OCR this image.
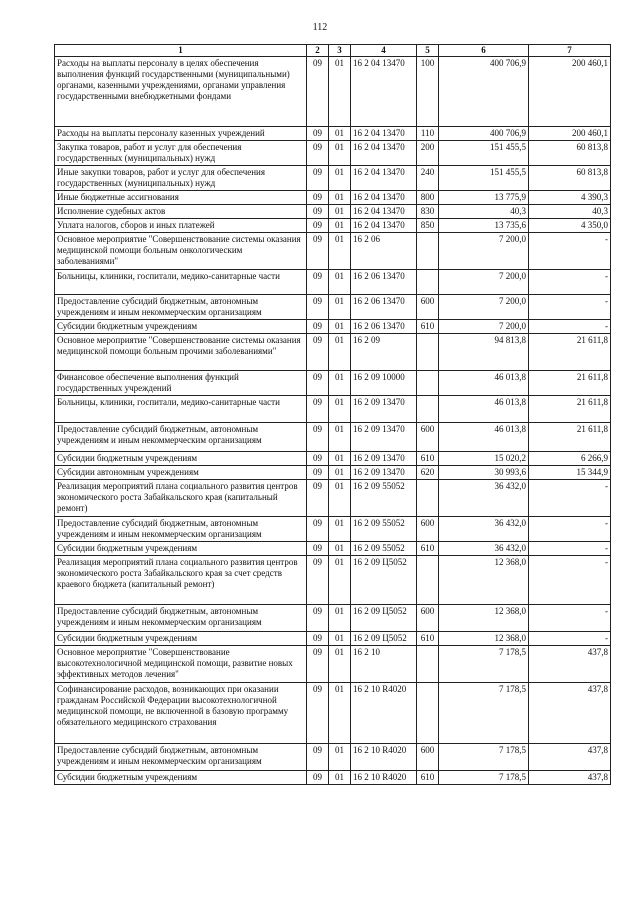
112
1	2	3	4	5	6	7
Расходы на выплаты персоналу в целях обеспечения выполнения функций государственными (муниципальными) органами, казенными учреждениями, органами управления государственными внебюджетными фондами	09	01	16 2 04 13470	100	400 706,9	200 460,1
Расходы на выплаты персоналу казенных учреждений	09	01	16 2 04 13470	110	400 706,9	200 460,1
Закупка товаров, работ и услуг для обеспечения государственных (муниципальных) нужд	09	01	16 2 04 13470	200	151 455,5	60 813,8
Иные закупки товаров, работ и услуг для обеспечения государственных (муниципальных) нужд	09	01	16 2 04 13470	240	151 455,5	60 813,8
Иные бюджетные ассигнования	09	01	16 2 04 13470	800	13 775,9	4 390,3
Исполнение судебных актов	09	01	16 2 04 13470	830	40,3	40,3
Уплата налогов, сборов и иных платежей	09	01	16 2 04 13470	850	13 735,6	4 350,0
Основное мероприятие "Совершенствование системы оказания медицинской помощи больным онкологическим заболеваниями"	09	01	16 2 06		7 200,0	-
Больницы, клиники, госпитали, медико-санитарные части	09	01	16 2 06 13470		7 200,0	-
Предоставление субсидий бюджетным, автономным учреждениям и иным некоммерческим организациям	09	01	16 2 06 13470	600	7 200,0	-
Субсидии бюджетным учреждениям	09	01	16 2 06 13470	610	7 200,0	-
Основное мероприятие "Совершенствование системы оказания медицинской помощи больным прочими заболеваниями"	09	01	16 2 09		94 813,8	21 611,8
Финансовое обеспечение выполнения функций государственных учреждений	09	01	16 2 09 10000		46 013,8	21 611,8
Больницы, клиники, госпитали, медико-санитарные части	09	01	16 2 09 13470		46 013,8	21 611,8
Предоставление субсидий бюджетным, автономным учреждениям и иным некоммерческим организациям	09	01	16 2 09 13470	600	46 013,8	21 611,8
Субсидии бюджетным учреждениям	09	01	16 2 09 13470	610	15 020,2	6 266,9
Субсидии автономным учреждениям	09	01	16 2 09 13470	620	30 993,6	15 344,9
Реализация мероприятий плана социального развития центров экономического роста Забайкальского края (капитальный ремонт)	09	01	16 2 09 55052		36 432,0	-
Предоставление субсидий бюджетным, автономным учреждениям и иным некоммерческим организациям	09	01	16 2 09 55052	600	36 432,0	-
Субсидии бюджетным учреждениям	09	01	16 2 09 55052	610	36 432,0	-
Реализация мероприятий плана социального развития центров экономического роста Забайкальского края за счет средств краевого бюджета (капитальный ремонт)	09	01	16 2 09 Ц5052		12 368,0	-
Предоставление субсидий бюджетным, автономным учреждениям и иным некоммерческим организациям	09	01	16 2 09 Ц5052	600	12 368,0	-
Субсидии бюджетным учреждениям	09	01	16 2 09 Ц5052	610	12 368,0	-
Основное мероприятие "Совершенствование высокотехнологичной медицинской помощи, развитие новых эффективных методов лечения"	09	01	16 2 10		7 178,5	437,8
Софинансирование расходов, возникающих при оказании гражданам Российской Федерации высокотехнологичной медицинской помощи, не включенной в базовую программу обязательного медицинского страхования	09	01	16 2 10 R4020		7 178,5	437,8
Предоставление субсидий бюджетным, автономным учреждениям и иным некоммерческим организациям	09	01	16 2 10 R4020	600	7 178,5	437,8
Субсидии бюджетным учреждениям	09	01	16 2 10 R4020	610	7 178,5	437,8
